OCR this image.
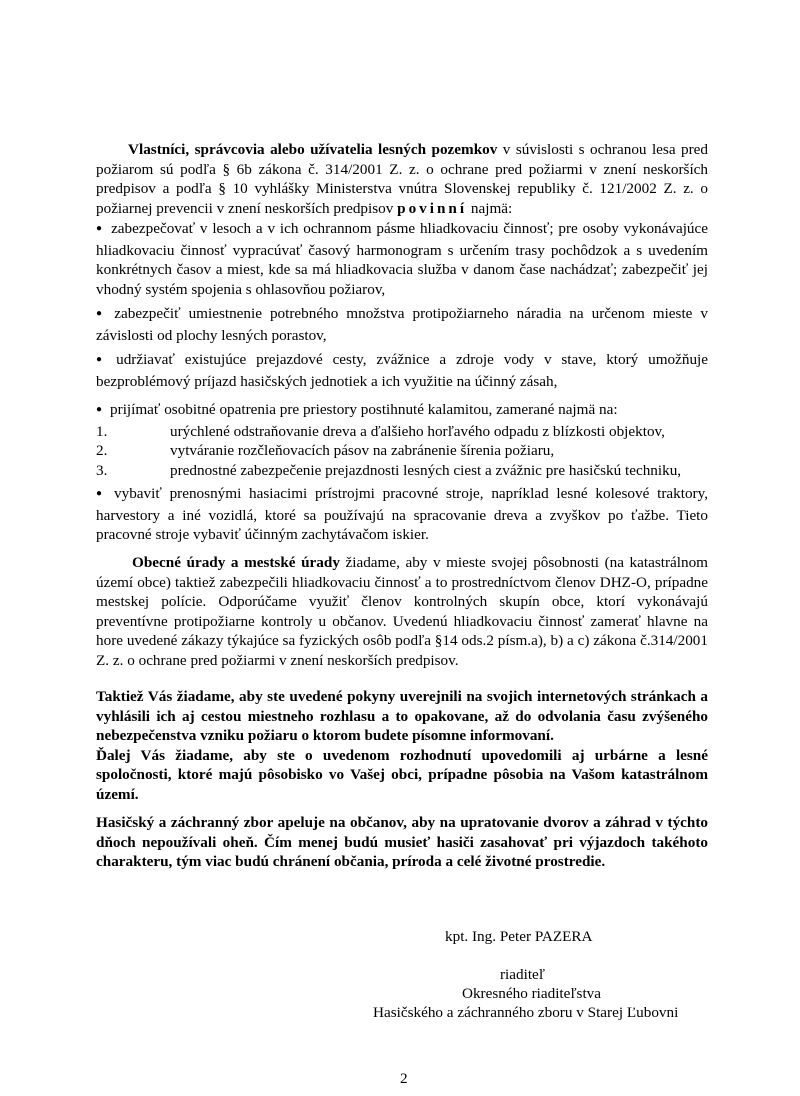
Vlastníci, správcovia alebo užívatelia lesných pozemkov v súvislosti s ochranou lesa pred požiarom sú podľa § 6b zákona č. 314/2001 Z. z. o ochrane pred požiarmi v znení neskorších predpisov a podľa § 10 vyhlášky Ministerstva vnútra Slovenskej republiky č. 121/2002 Z. z. o požiarnej prevencii v znení neskorších predpisov povinní najmä:

● zabezpečovať v lesoch a v ich ochrannom pásme hliadkovaciu činnosť; pre osoby vykonávajúce hliadkovaciu činnosť vypracúvať časový harmonogram s určením trasy pochôdzok a s uvedením konkrétnych časov a miest, kde sa má hliadkovacia služba v danom čase nachádzať; zabezpečiť jej vhodný systém spojenia s ohlasovňou požiarov,

● zabezpečiť umiestnenie potrebného množstva protipožiarneho náradia na určenom mieste v závislosti od plochy lesných porastov,

● udržiavať existujúce prejazdové cesty, zvážnice a zdroje vody v stave, ktorý umožňuje bezproblémový príjazd hasičských jednotiek a ich využitie na účinný zásah,

● prijímať osobitné opatrenia pre priestory postihnuté kalamitou, zamerané najmä na:

1.	urýchlené odstraňovanie dreva a ďalšieho horľavého odpadu z blízkosti objektov,
2.	vytváranie rozčleňovacích pásov na zabránenie šírenia požiaru,
3.	prednostné zabezpečenie prejazdnosti lesných ciest a zvážnic pre hasičskú techniku,

● vybaviť prenosnými hasiacimi prístrojmi pracovné stroje, napríklad lesné kolesové traktory, harvestory a iné vozidlá, ktoré sa používajú na spracovanie dreva a zvyškov po ťažbe. Tieto pracovné stroje vybaviť účinným zachytávačom iskier.

Obecné úrady a mestské úrady žiadame, aby v mieste svojej pôsobnosti (na katastrálnom území obce) taktiež zabezpečili hliadkovaciu činnosť a to prostredníctvom členov DHZ-O, prípadne mestskej polície. Odporúčame využiť členov kontrolných skupín obce, ktorí vykonávajú preventívne protipožiarne kontroly u občanov. Uvedenú hliadkovaciu činnosť zamerať hlavne na hore uvedené zákazy týkajúce sa fyzických osôb podľa §14 ods.2 písm.a), b) a c) zákona č.314/2001 Z. z. o ochrane pred požiarmi v znení neskorších predpisov.

Taktiež Vás žiadame, aby ste uvedené pokyny uverejnili na svojich internetových stránkach a vyhlásili ich aj cestou miestneho rozhlasu a to opakovane, až do odvolania času zvýšeného nebezpečenstva vzniku požiaru o ktorom budete písomne informovaní.

Ďalej Vás žiadame, aby ste o uvedenom rozhodnutí upovedomili aj urbárne a lesné spoločnosti, ktoré majú pôsobisko vo Vašej obci, prípadne pôsobia na Vašom katastrálnom území.

Hasičský a záchranný zbor apeluje na občanov, aby na upratovanie dvorov a záhrad v týchto dňoch nepoužívali oheň. Čím menej budú musieť hasiči zasahovať pri výjazdoch takéhoto charakteru, tým viac budú chránení občania, príroda a celé životné prostredie.

kpt. Ing. Peter PAZERA
riaditeľ
Okresného riaditeľstva
Hasičského a záchranného zboru v Starej Ľubovni
2
